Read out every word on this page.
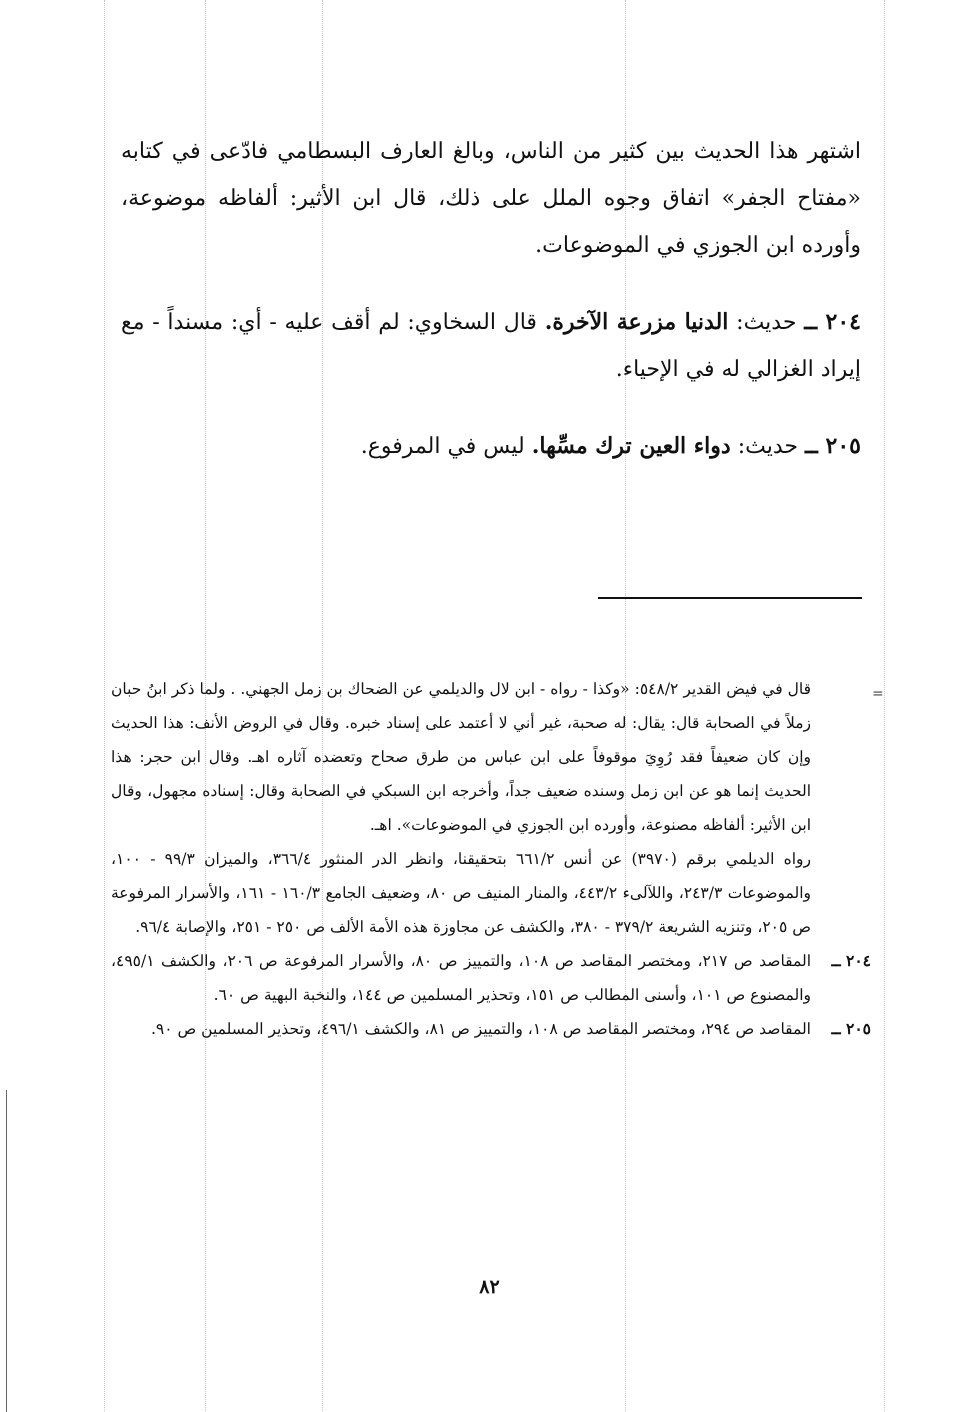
اشتهر هذا الحديث بين كثير من الناس، وبالغ العارف البسطامي فادّعى في كتابه «مفتاح الجفر» اتفاق وجوه الملل على ذلك، قال ابن الأثير: ألفاظه موضوعة، وأورده ابن الجوزي في الموضوعات.

٢٠٤ ــ حديث: الدنيا مزرعة الآخرة. قال السخاوي: لم أقف عليه - أي: مسنداً - مع إيراد الغزالي له في الإحياء.

٢٠٥ ــ حديث: دواء العين ترك مسِّها. ليس في المرفوع.

=

قال في فيض القدير ٥٤٨/٢: «وكذا - رواه - ابن لال والديلمي عن الضحاك بن زمل الجهني. . ولما ذكر ابنُ حبان زملاً في الصحابة قال: يقال: له صحبة، غير أني لا أعتمد على إسناد خبره. وقال في الروض الأنف: هذا الحديث وإن كان ضعيفاً فقد رُوِيَ موقوفاً على ابن عباس من طرق صحاح وتعضده آثاره اهـ. وقال ابن حجر: هذا الحديث إنما هو عن ابن زمل وسنده ضعيف جداً، وأخرجه ابن السبكي في الصحابة وقال: إسناده مجهول، وقال ابن الأثير: ألفاظه مصنوعة، وأورده ابن الجوزي في الموضوعات». اهـ.

رواه الديلمي برقم (٣٩٧٠) عن أنس ٦٦١/٢ بتحقيقنا، وانظر الدر المنثور ٣٦٦/٤، والميزان ٩٩/٣ - ١٠٠، والموضوعات ٢٤٣/٣، واللآلىء ٤٤٣/٢، والمنار المنيف ص ٨٠، وضعيف الجامع ١٦٠/٣ - ١٦١، والأسرار المرفوعة ص ٢٠٥، وتنزيه الشريعة ٣٧٩/٢ - ٣٨٠، والكشف عن مجاوزة هذه الأمة الألف ص ٢٥٠ - ٢٥١، والإصابة ٩٦/٤.

٢٠٤ ــ
المقاصد ص ٢١٧، ومختصر المقاصد ص ١٠٨، والتمييز ص ٨٠، والأسرار المرفوعة ص ٢٠٦، والكشف ٤٩٥/١، والمصنوع ص ١٠١، وأسنى المطالب ص ١٥١، وتحذير المسلمين ص ١٤٤، والنخبة البهية ص ٦٠.

٢٠٥ ــ
المقاصد ص ٢٩٤، ومختصر المقاصد ص ١٠٨، والتمييز ص ٨١، والكشف ٤٩٦/١، وتحذير المسلمين ص ٩٠.

٨٢
